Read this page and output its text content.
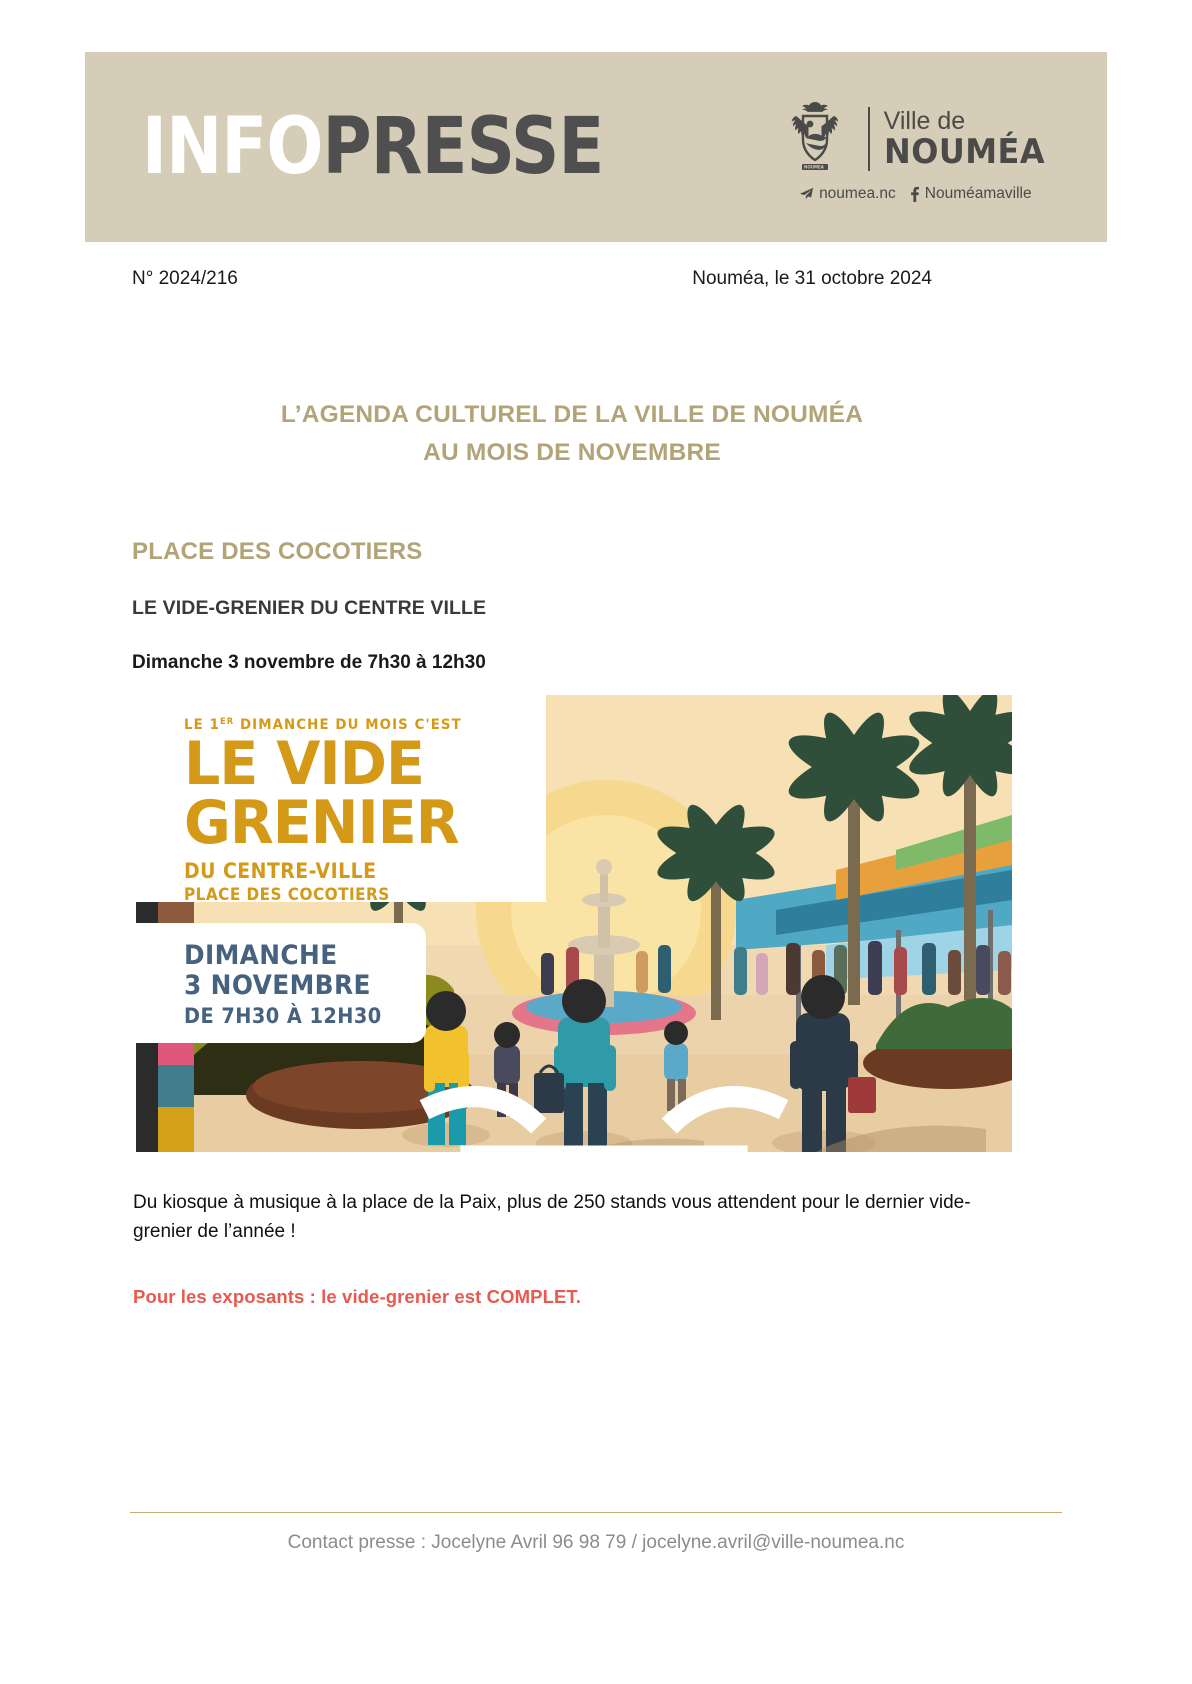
INFOPRESSE	NOUMEA
Ville de
NOUMÉA
noumea.nc Nouméamaville
N° 2024/216	Nouméa, le 31 octobre 2024
L’AGENDA CULTUREL DE LA VILLE DE NOUMÉA
AU MOIS DE NOVEMBRE
PLACE DES COCOTIERS
LE VIDE-GRENIER DU CENTRE VILLE
Dimanche 3 novembre de 7h30 à 12h30
LE 1ER DIMANCHE DU MOIS C'EST
LE VIDE
GRENIER
DU CENTRE-VILLE
PLACE DES COCOTIERS
DIMANCHE
3 NOVEMBRE
DE 7H30 À 12H30
Ville de
NOUMÉA
Du kiosque à musique à la place de la Paix, plus de 250 stands vous attendent pour le dernier vide-grenier de l’année !
Pour les exposants : le vide-grenier est COMPLET.
Contact presse : Jocelyne Avril 96 98 79 / jocelyne.avril@ville-noumea.nc
